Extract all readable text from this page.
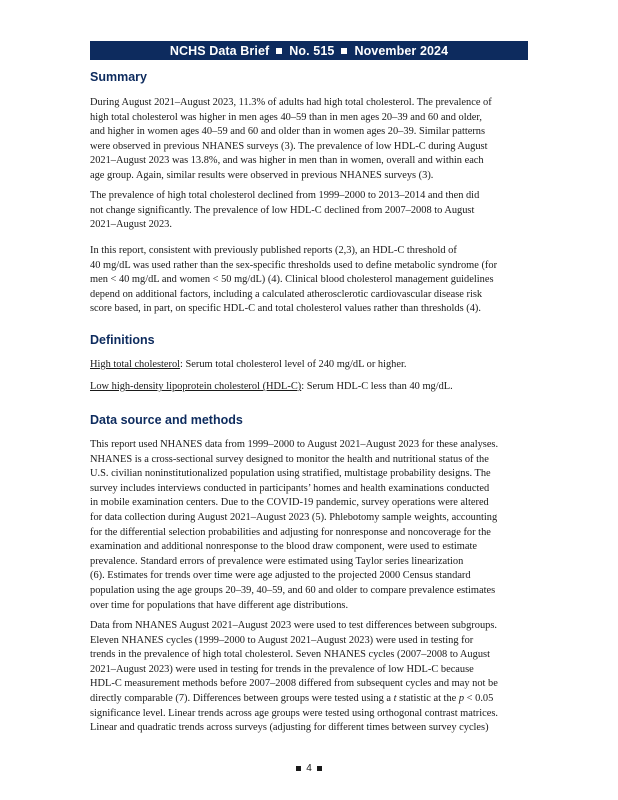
NCHS Data Brief No. 515 November 2024
Summary

During August 2021–August 2023, 11.3% of adults had high total cholesterol. The prevalence of
high total cholesterol was higher in men ages 40–59 than in men ages 20–39 and 60 and older,
and higher in women ages 40–59 and 60 and older than in women ages 20–39. Similar patterns
were observed in previous NHANES surveys (3). The prevalence of low HDL-C during August
2021–August 2023 was 13.8%, and was higher in men than in women, overall and within each
age group. Again, similar results were observed in previous NHANES surveys (3).

The prevalence of high total cholesterol declined from 1999–2000 to 2013–2014 and then did
not change significantly. The prevalence of low HDL-C declined from 2007–2008 to August
2021–August 2023.

In this report, consistent with previously published reports (2,3), an HDL-C threshold of
40 mg/dL was used rather than the sex-specific thresholds used to define metabolic syndrome (for
men < 40 mg/dL and women < 50 mg/dL) (4). Clinical blood cholesterol management guidelines
depend on additional factors, including a calculated atherosclerotic cardiovascular disease risk
score based, in part, on specific HDL-C and total cholesterol values rather than thresholds (4).

Definitions

High total cholesterol: Serum total cholesterol level of 240 mg/dL or higher.

Low high-density lipoprotein cholesterol (HDL-C): Serum HDL-C less than 40 mg/dL.

Data source and methods

This report used NHANES data from 1999–2000 to August 2021–August 2023 for these analyses.
NHANES is a cross-sectional survey designed to monitor the health and nutritional status of the
U.S. civilian noninstitutionalized population using stratified, multistage probability designs. The
survey includes interviews conducted in participants’ homes and health examinations conducted
in mobile examination centers. Due to the COVID-19 pandemic, survey operations were altered
for data collection during August 2021–August 2023 (5). Phlebotomy sample weights, accounting
for the differential selection probabilities and adjusting for nonresponse and noncoverage for the
examination and additional nonresponse to the blood draw component, were used to estimate
prevalence. Standard errors of prevalence were estimated using Taylor series linearization
(6). Estimates for trends over time were age adjusted to the projected 2000 Census standard
population using the age groups 20–39, 40–59, and 60 and older to compare prevalence estimates
over time for populations that have different age distributions.

Data from NHANES August 2021–August 2023 were used to test differences between subgroups.
Eleven NHANES cycles (1999–2000 to August 2021–August 2023) were used in testing for
trends in the prevalence of high total cholesterol. Seven NHANES cycles (2007–2008 to August
2021–August 2023) were used in testing for trends in the prevalence of low HDL-C because
HDL-C measurement methods before 2007–2008 differed from subsequent cycles and may not be
directly comparable (7). Differences between groups were tested using a t statistic at the p < 0.05
significance level. Linear trends across age groups were tested using orthogonal contrast matrices.
Linear and quadratic trends across surveys (adjusting for different times between survey cycles)

4
